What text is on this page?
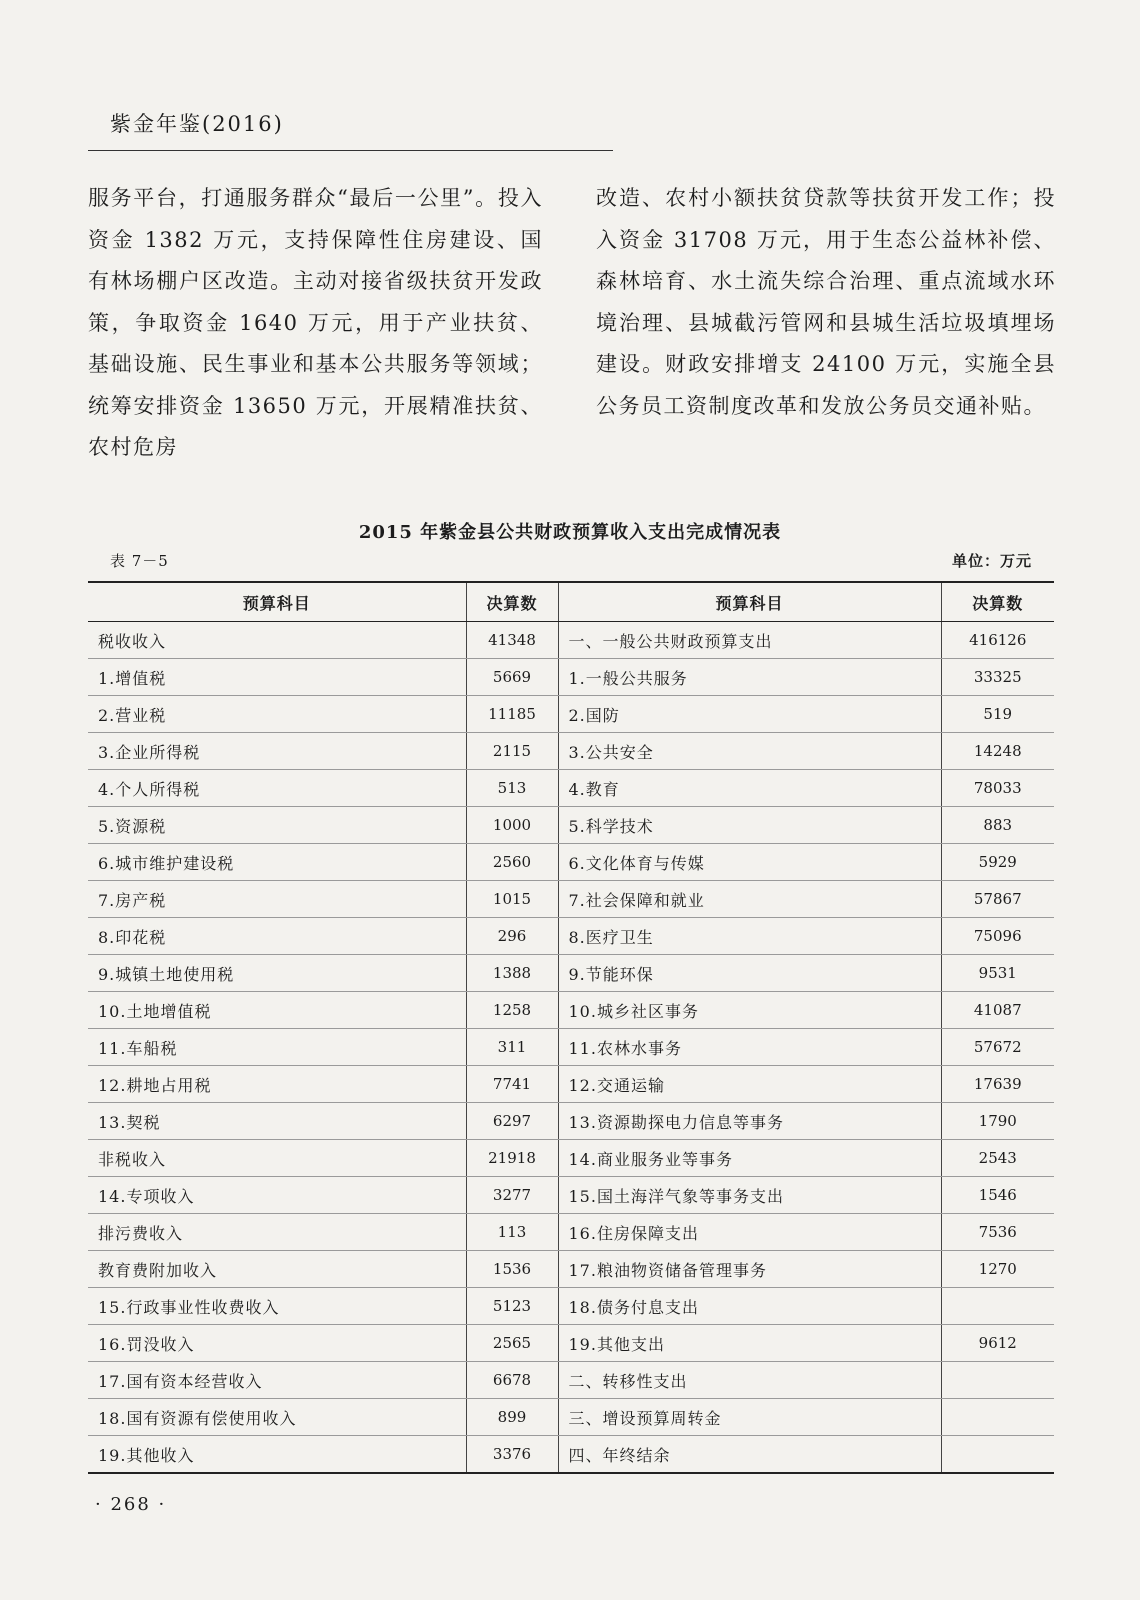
紫金年鉴(2016)

服务平台，打通服务群众“最后一公里”。投入资金 1382 万元，支持保障性住房建设、国有林场棚户区改造。主动对接省级扶贫开发政策，争取资金 1640 万元，用于产业扶贫、基础设施、民生事业和基本公共服务等领域；统筹安排资金 13650 万元，开展精准扶贫、农村危房

改造、农村小额扶贫贷款等扶贫开发工作；投入资金 31708 万元，用于生态公益林补偿、森林培育、水土流失综合治理、重点流域水环境治理、县城截污管网和县城生活垃圾填埋场建设。财政安排增支 24100 万元，实施全县公务员工资制度改革和发放公务员交通补贴。

2015 年紫金县公共财政预算收入支出完成情况表
表 7－5	单位：万元
预算科目	决算数	预算科目	决算数
税收收入	41348	一、一般公共财政预算支出	416126
1.增值税	5669	1.一般公共服务	33325
2.营业税	11185	2.国防	519
3.企业所得税	2115	3.公共安全	14248
4.个人所得税	513	4.教育	78033
5.资源税	1000	5.科学技术	883
6.城市维护建设税	2560	6.文化体育与传媒	5929
7.房产税	1015	7.社会保障和就业	57867
8.印花税	296	8.医疗卫生	75096
9.城镇土地使用税	1388	9.节能环保	9531
10.土地增值税	1258	10.城乡社区事务	41087
11.车船税	311	11.农林水事务	57672
12.耕地占用税	7741	12.交通运输	17639
13.契税	6297	13.资源勘探电力信息等事务	1790
非税收入	21918	14.商业服务业等事务	2543
14.专项收入	3277	15.国土海洋气象等事务支出	1546
排污费收入	113	16.住房保障支出	7536
教育费附加收入	1536	17.粮油物资储备管理事务	1270
15.行政事业性收费收入	5123	18.债务付息支出	
16.罚没收入	2565	19.其他支出	9612
17.国有资本经营收入	6678	二、转移性支出	
18.国有资源有偿使用收入	899	三、增设预算周转金	
19.其他收入	3376	四、年终结余	
· 268 ·
